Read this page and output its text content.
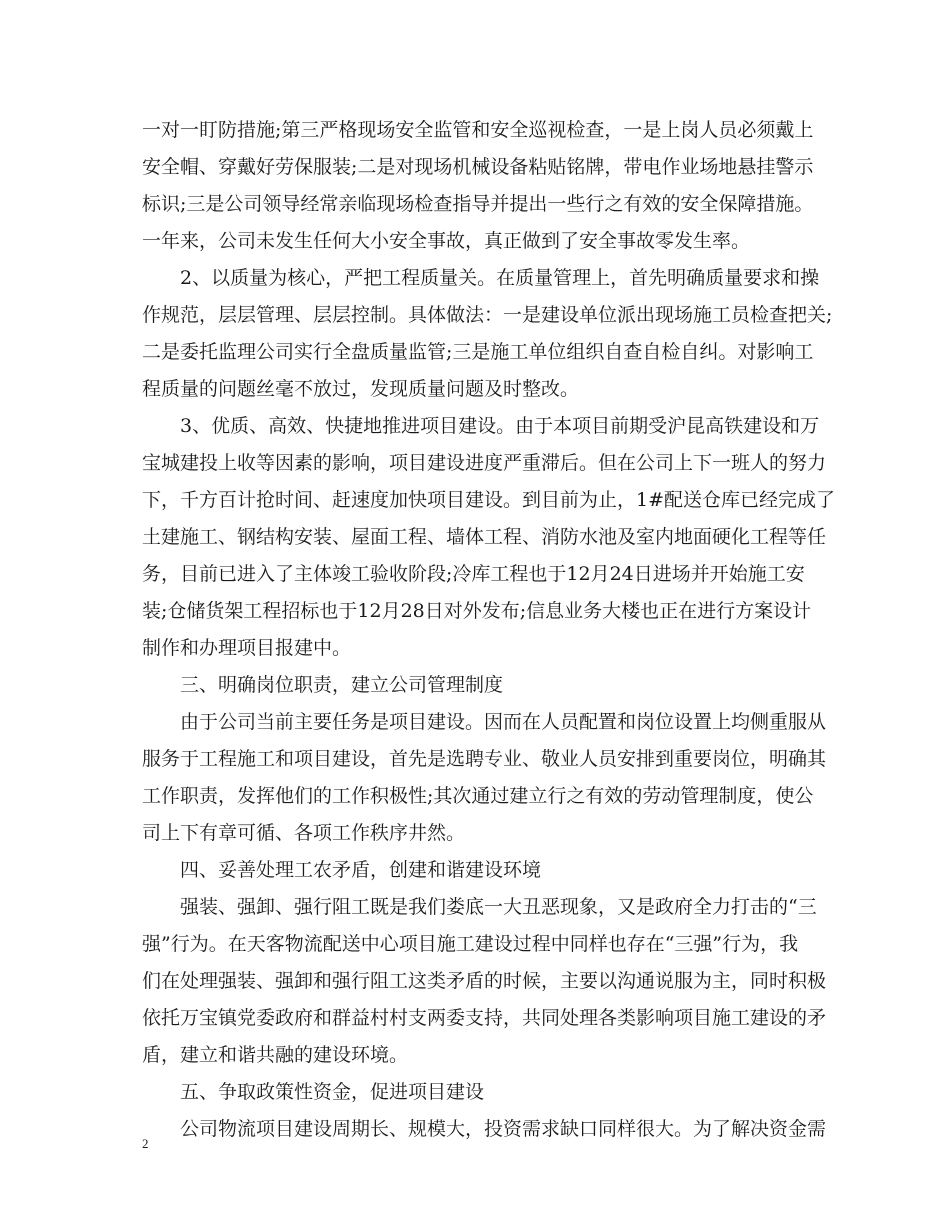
一对一盯防措施;第三严格现场安全监管和安全巡视检查，一是上岗人员必须戴上
安全帽、穿戴好劳保服装;二是对现场机械设备粘贴铭牌，带电作业场地悬挂警示
标识;三是公司领导经常亲临现场检查指导并提出一些行之有效的安全保障措施。
一年来，公司未发生任何大小安全事故，真正做到了安全事故零发生率。
2、以质量为核心，严把工程质量关。在质量管理上，首先明确质量要求和操
作规范，层层管理、层层控制。具体做法：一是建设单位派出现场施工员检查把关;
二是委托监理公司实行全盘质量监管;三是施工单位组织自查自检自纠。对影响工
程质量的问题丝毫不放过，发现质量问题及时整改。
3、优质、高效、快捷地推进项目建设。由于本项目前期受沪昆高铁建设和万
宝城建投上收等因素的影响，项目建设进度严重滞后。但在公司上下一班人的努力
下，千方百计抢时间、赶速度加快项目建设。到目前为止，1#配送仓库已经完成了
土建施工、钢结构安装、屋面工程、墙体工程、消防水池及室内地面硬化工程等任
务，目前已进入了主体竣工验收阶段;冷库工程也于12月24日进场并开始施工安
装;仓储货架工程招标也于12月28日对外发布;信息业务大楼也正在进行方案设计
制作和办理项目报建中。
三、明确岗位职责，建立公司管理制度
由于公司当前主要任务是项目建设。因而在人员配置和岗位设置上均侧重服从
服务于工程施工和项目建设，首先是选聘专业、敬业人员安排到重要岗位，明确其
工作职责，发挥他们的工作积极性;其次通过建立行之有效的劳动管理制度，使公
司上下有章可循、各项工作秩序井然。
四、妥善处理工农矛盾，创建和谐建设环境
强装、强卸、强行阻工既是我们娄底一大丑恶现象，又是政府全力打击的“三
强”行为。在天客物流配送中心项目施工建设过程中同样也存在“三强”行为，我
们在处理强装、强卸和强行阻工这类矛盾的时候，主要以沟通说服为主，同时积极
依托万宝镇党委政府和群益村村支两委支持，共同处理各类影响项目施工建设的矛
盾，建立和谐共融的建设环境。
五、争取政策性资金，促进项目建设
公司物流项目建设周期长、规模大，投资需求缺口同样很大。为了解决资金需
2
